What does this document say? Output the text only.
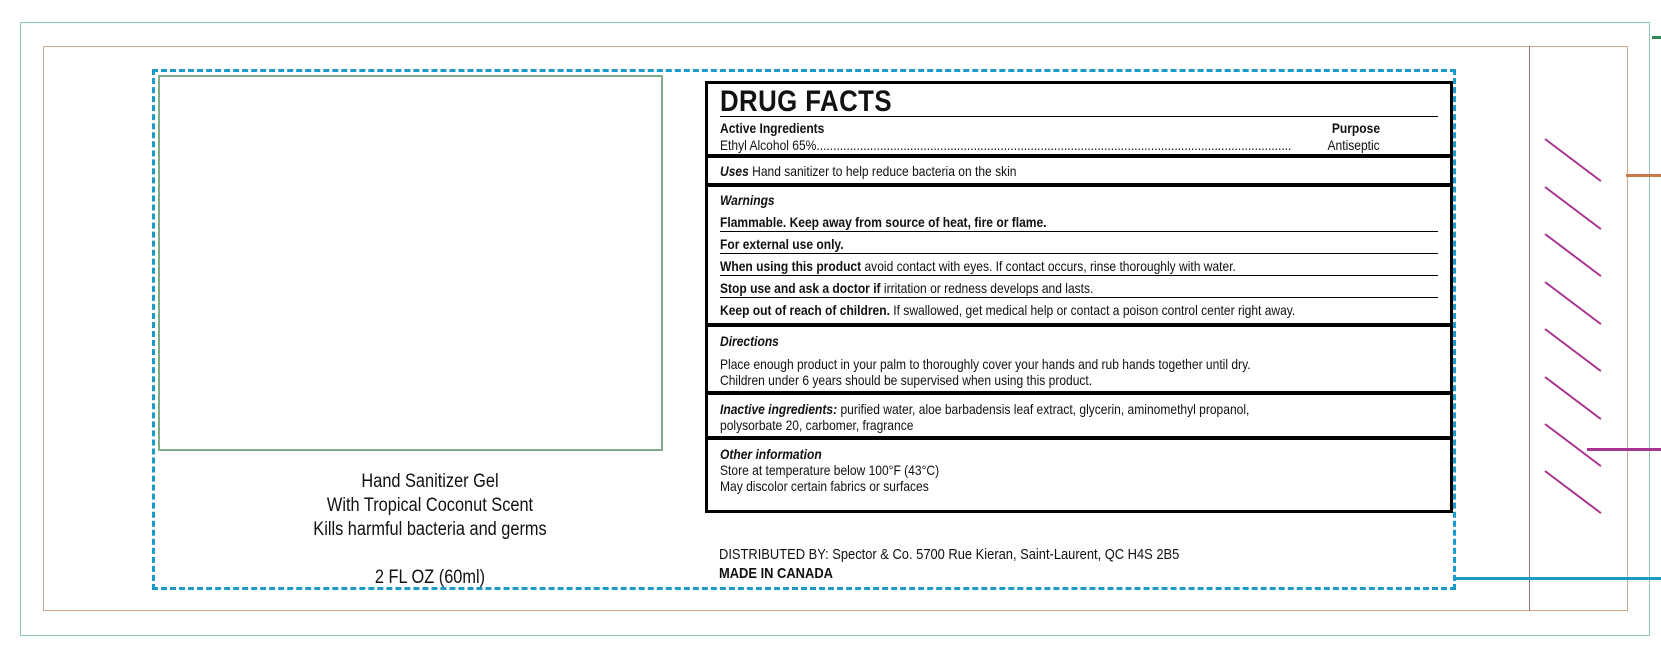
Hand Sanitizer Gel
With Tropical Coconut Scent
Kills harmful bacteria and germs
2 FL OZ (60ml)
DRUG FACTS
Active Ingredients	Purpose
Ethyl Alcohol 65%..............................................................................................................................................	Antiseptic
Uses Hand sanitizer to help reduce bacteria on the skin
Warnings
Flammable. Keep away from source of heat, fire or flame.
For external use only.
When using this product avoid contact with eyes. If contact occurs, rinse thoroughly with water.
Stop use and ask a doctor if irritation or redness develops and lasts.
Keep out of reach of children. If swallowed, get medical help or contact a poison control center right away.
Directions
Place enough product in your palm to thoroughly cover your hands and rub hands together until dry.
Children under 6 years should be supervised when using this product.
Inactive ingredients: purified water, aloe barbadensis leaf extract, glycerin, aminomethyl propanol,
polysorbate 20, carbomer, fragrance
Other information
Store at temperature below 100°F (43°C)
May discolor certain fabrics or surfaces
DISTRIBUTED BY: Spector & Co. 5700 Rue Kieran, Saint-Laurent, QC H4S 2B5
MADE IN CANADA
